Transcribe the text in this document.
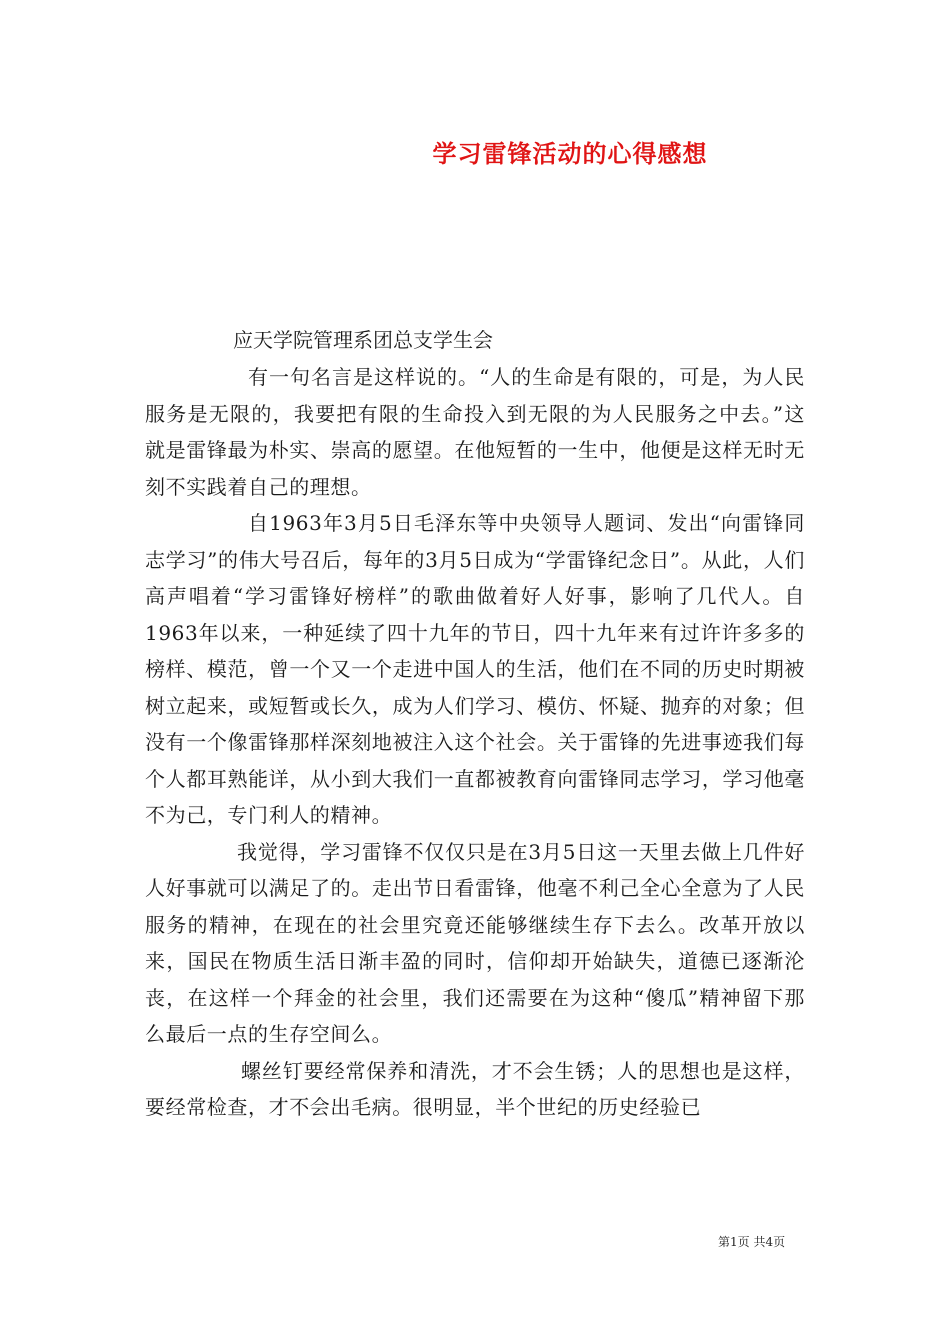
学习雷锋活动的心得感想
应天学院管理系团总支学生会

有一句名言是这样说的。“人的生命是有限的，可是，为人民服务是无限的，我要把有限的生命投入到无限的为人民服务之中去。”这就是雷锋最为朴实、崇高的愿望。在他短暂的一生中，他便是这样无时无刻不实践着自己的理想。

自1963年3月5日毛泽东等中央领导人题词、发出“向雷锋同志学习”的伟大号召后，每年的3月5日成为“学雷锋纪念日”。从此，人们高声唱着“学习雷锋好榜样”的歌曲做着好人好事，影响了几代人。自1963年以来，一种延续了四十九年的节日，四十九年来有过许许多多的榜样、模范，曾一个又一个走进中国人的生活，他们在不同的历史时期被树立起来，或短暂或长久，成为人们学习、模仿、怀疑、抛弃的对象；但没有一个像雷锋那样深刻地被注入这个社会。关于雷锋的先进事迹我们每个人都耳熟能详，从小到大我们一直都被教育向雷锋同志学习，学习他毫不为己，专门利人的精神。

我觉得，学习雷锋不仅仅只是在3月5日这一天里去做上几件好人好事就可以满足了的。走出节日看雷锋，他毫不利己全心全意为了人民服务的精神，在现在的社会里究竟还能够继续生存下去么。改革开放以来，国民在物质生活日渐丰盈的同时，信仰却开始缺失，道德已逐渐沦丧，在这样一个拜金的社会里，我们还需要在为这种“傻瓜”精神留下那么最后一点的生存空间么。

螺丝钉要经常保养和清洗，才不会生锈；人的思想也是这样，要经常检查，才不会出毛病。很明显，半个世纪的历史经验已

第1页 共4页
